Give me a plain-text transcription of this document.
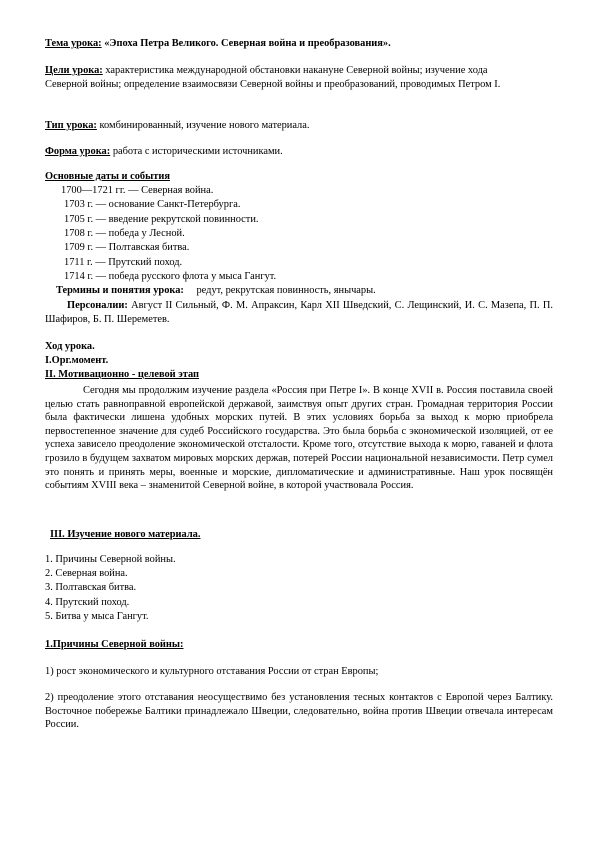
Тема урока: «Эпоха Петра Великого. Северная война и преобразования».

Цели урока: характеристика международной обстановки накануне Северной войны; изучение хода Северной войны; определение взаимосвязи Северной войны и преобразований, проводимых Петром I.

Тип урока: комбинированный, изучение нового материала.

Форма урока: работа с историческими источниками.

Основные даты и события

1700—1721 гг. — Северная война.
1703 г. — основание Санкт-Петербурга.
1705 г. — введение рекрутской повинности.
1708 г. — победа у Лесной.
1709 г. — Полтавская битва.
1711 г. — Прутский поход.
1714 г. — победа русского флота у мыса Гангут.
Термины и понятия урока: редут, рекрутская повинность, янычары.

Персоналии: Август II Сильный, Ф. М. Апраксин, Карл XII Шведский, С. Лещинский, И. С. Мазепа, П. П. Шафиров, Б. П. Шереметев.

Ход урока.

I.Орг.момент.

II. Мотивационно - целевой этап

Сегодня мы продолжим изучение раздела «Россия при Петре I». В конце XVII в. Россия поставила своей целью стать равноправной европейской державой, заимствуя опыт других стран. Громадная территория России была фактически лишена удобных морских путей. В этих условиях борьба за выход к морю приобрела первостепенное значение для судеб Российского государства. Это была борьба с экономической изоляцией, от ее успеха зависело преодоление экономической отсталости. Кроме того, отсутствие выхода к морю, гаваней и флота грозило в будущем захватом мировых морских держав, потерей России национальной независимости. Петр сумел это понять и принять меры, военные и морские, дипломатические и административные. Наш урок посвящён событиям XVIII века – знаменитой Северной войне, в которой участвовала Россия.

III. Изучение нового материала.

1. Причины Северной войны.
2. Северная война.
3. Полтавская битва.
4. Прутский поход.
5. Битва у мыса Гангут.

1.Причины Северной войны:

1) рост экономического и культурного отставания России от стран Европы;

2) преодоление этого отставания неосуществимо без установления тесных контактов с Европой через Балтику. Восточное побережье Балтики принадлежало Швеции, следовательно, война против Швеции отвечала интересам России.
